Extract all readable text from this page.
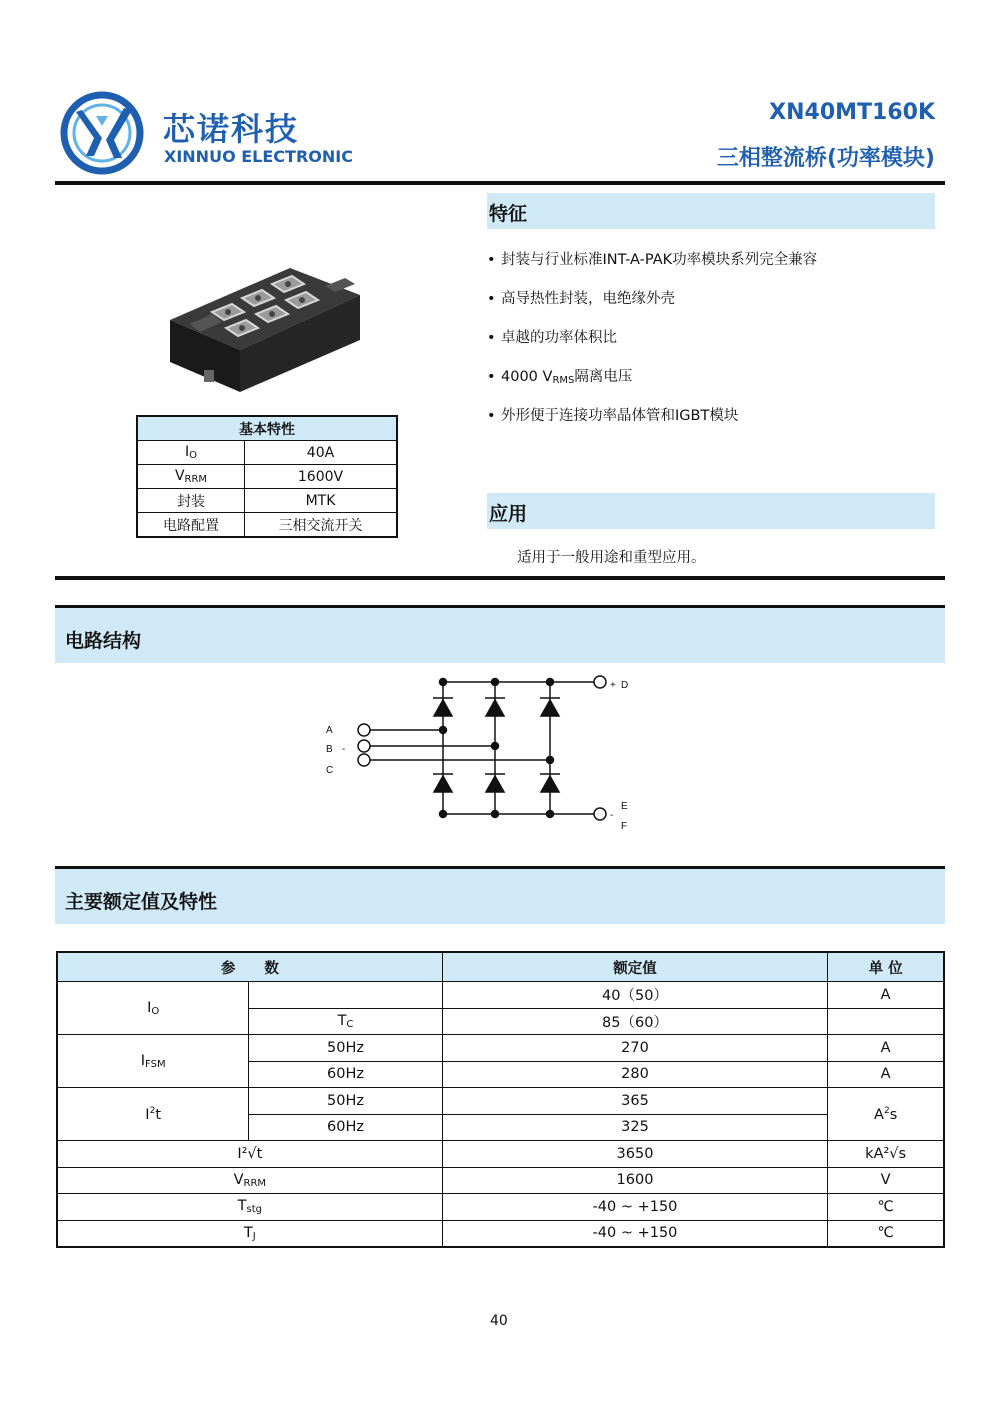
芯诺科技
XINNUO ELECTRONIC
XN40MT160K
三相整流桥(功率模块)
基本特性	
$I_O$	40A
$V_{RRM}$	1600V
封装	MTK
电路配置	三相交流开关
特征
• 封装与行业标准INT-A-PAK功率模块系列完全兼容
• 高导热性封装，电绝缘外壳
• 卓越的功率体积比
• 4000 $V_{RMS}$隔离电压
• 外形便于连接功率晶体管和IGBT模块
应用
适用于一般用途和重型应用。
电路结构
A
B -
C
+ D
-
E
F
主要额定值及特性
参　　数		额定值	单 位
$I_O$		40（50）	A
	$T_C$	85（60）	
$I_{FSM}$	50Hz	270	A
	60Hz	280	A
$I^2t$	50Hz	365	$A^2s$
	60Hz	325	
I²√t		3650	kA²√s
$V_{RRM}$		1600	V
$T_{stg}$		-40 ~ +150	℃
$T_J$		-40 ~ +150	℃
40
